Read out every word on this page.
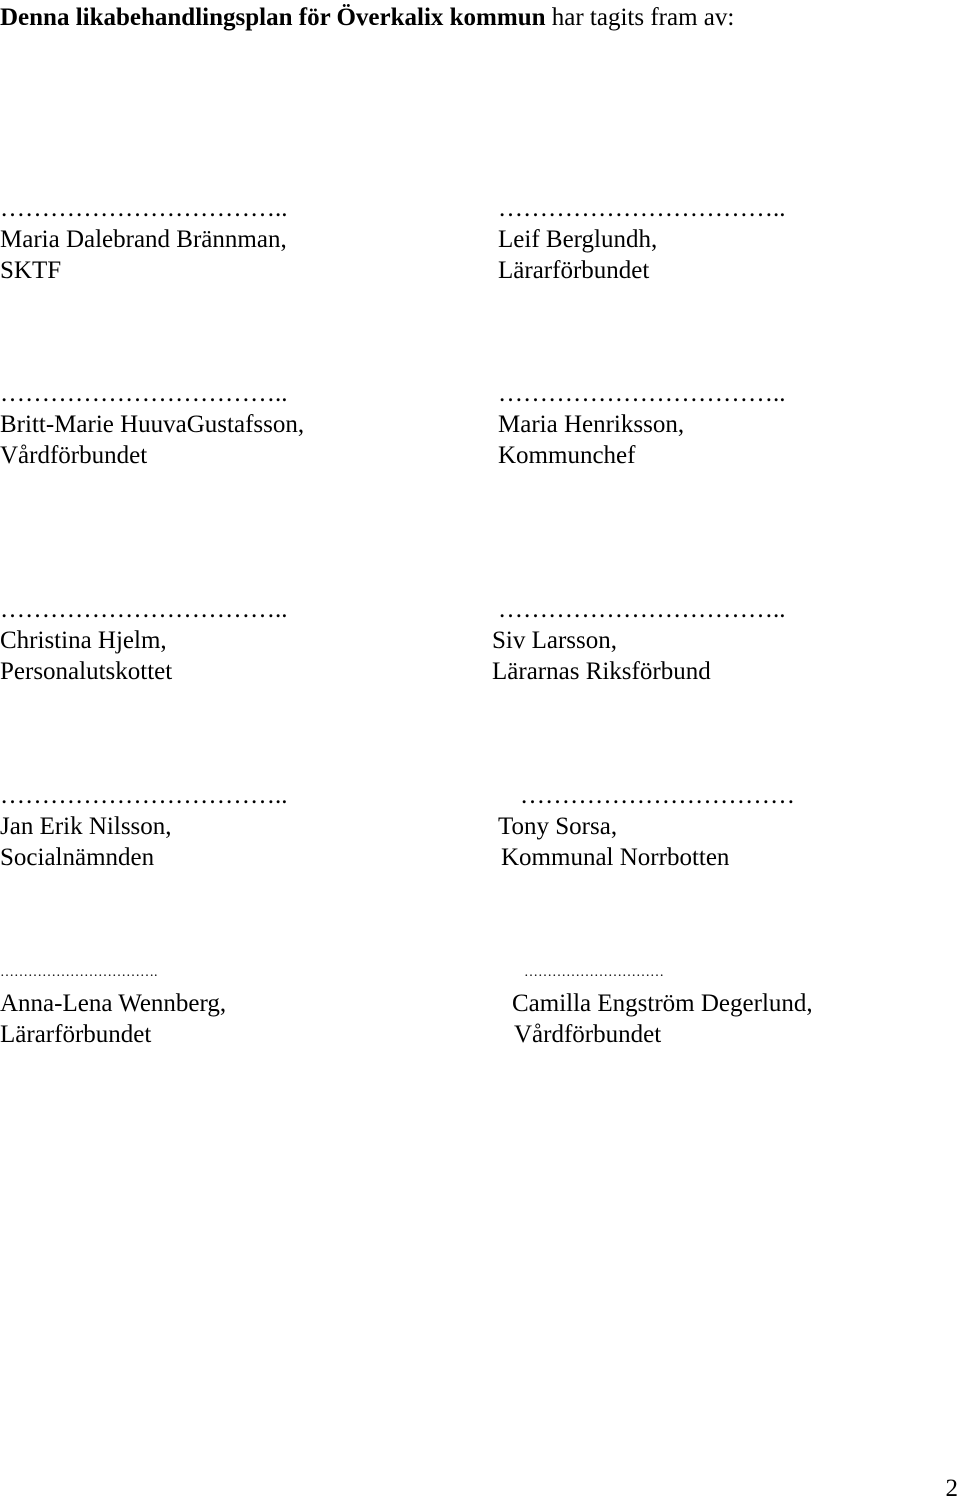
Denna likabehandlingsplan för Överkalix kommun har tagits fram av:
……………………………..
Maria Dalebrand Brännman,
SKTF
……………………………..
Leif Berglundh,
Lärarförbundet
……………………………..
Britt-Marie HuuvaGustafsson,
Vårdförbundet
……………………………..
Maria Henriksson,
Kommunchef
……………………………..
Christina Hjelm,
Personalutskottet
……………………………..
Siv Larsson,
Lärarnas Riksförbund
……………………………..
Jan Erik Nilsson,
Socialnämnden
……………………………
Tony Sorsa,
Kommunal Norrbotten
…………………………….
Anna-Lena Wennberg,
Lärarförbundet
…………………………
Camilla Engström Degerlund,
Vårdförbundet
2
